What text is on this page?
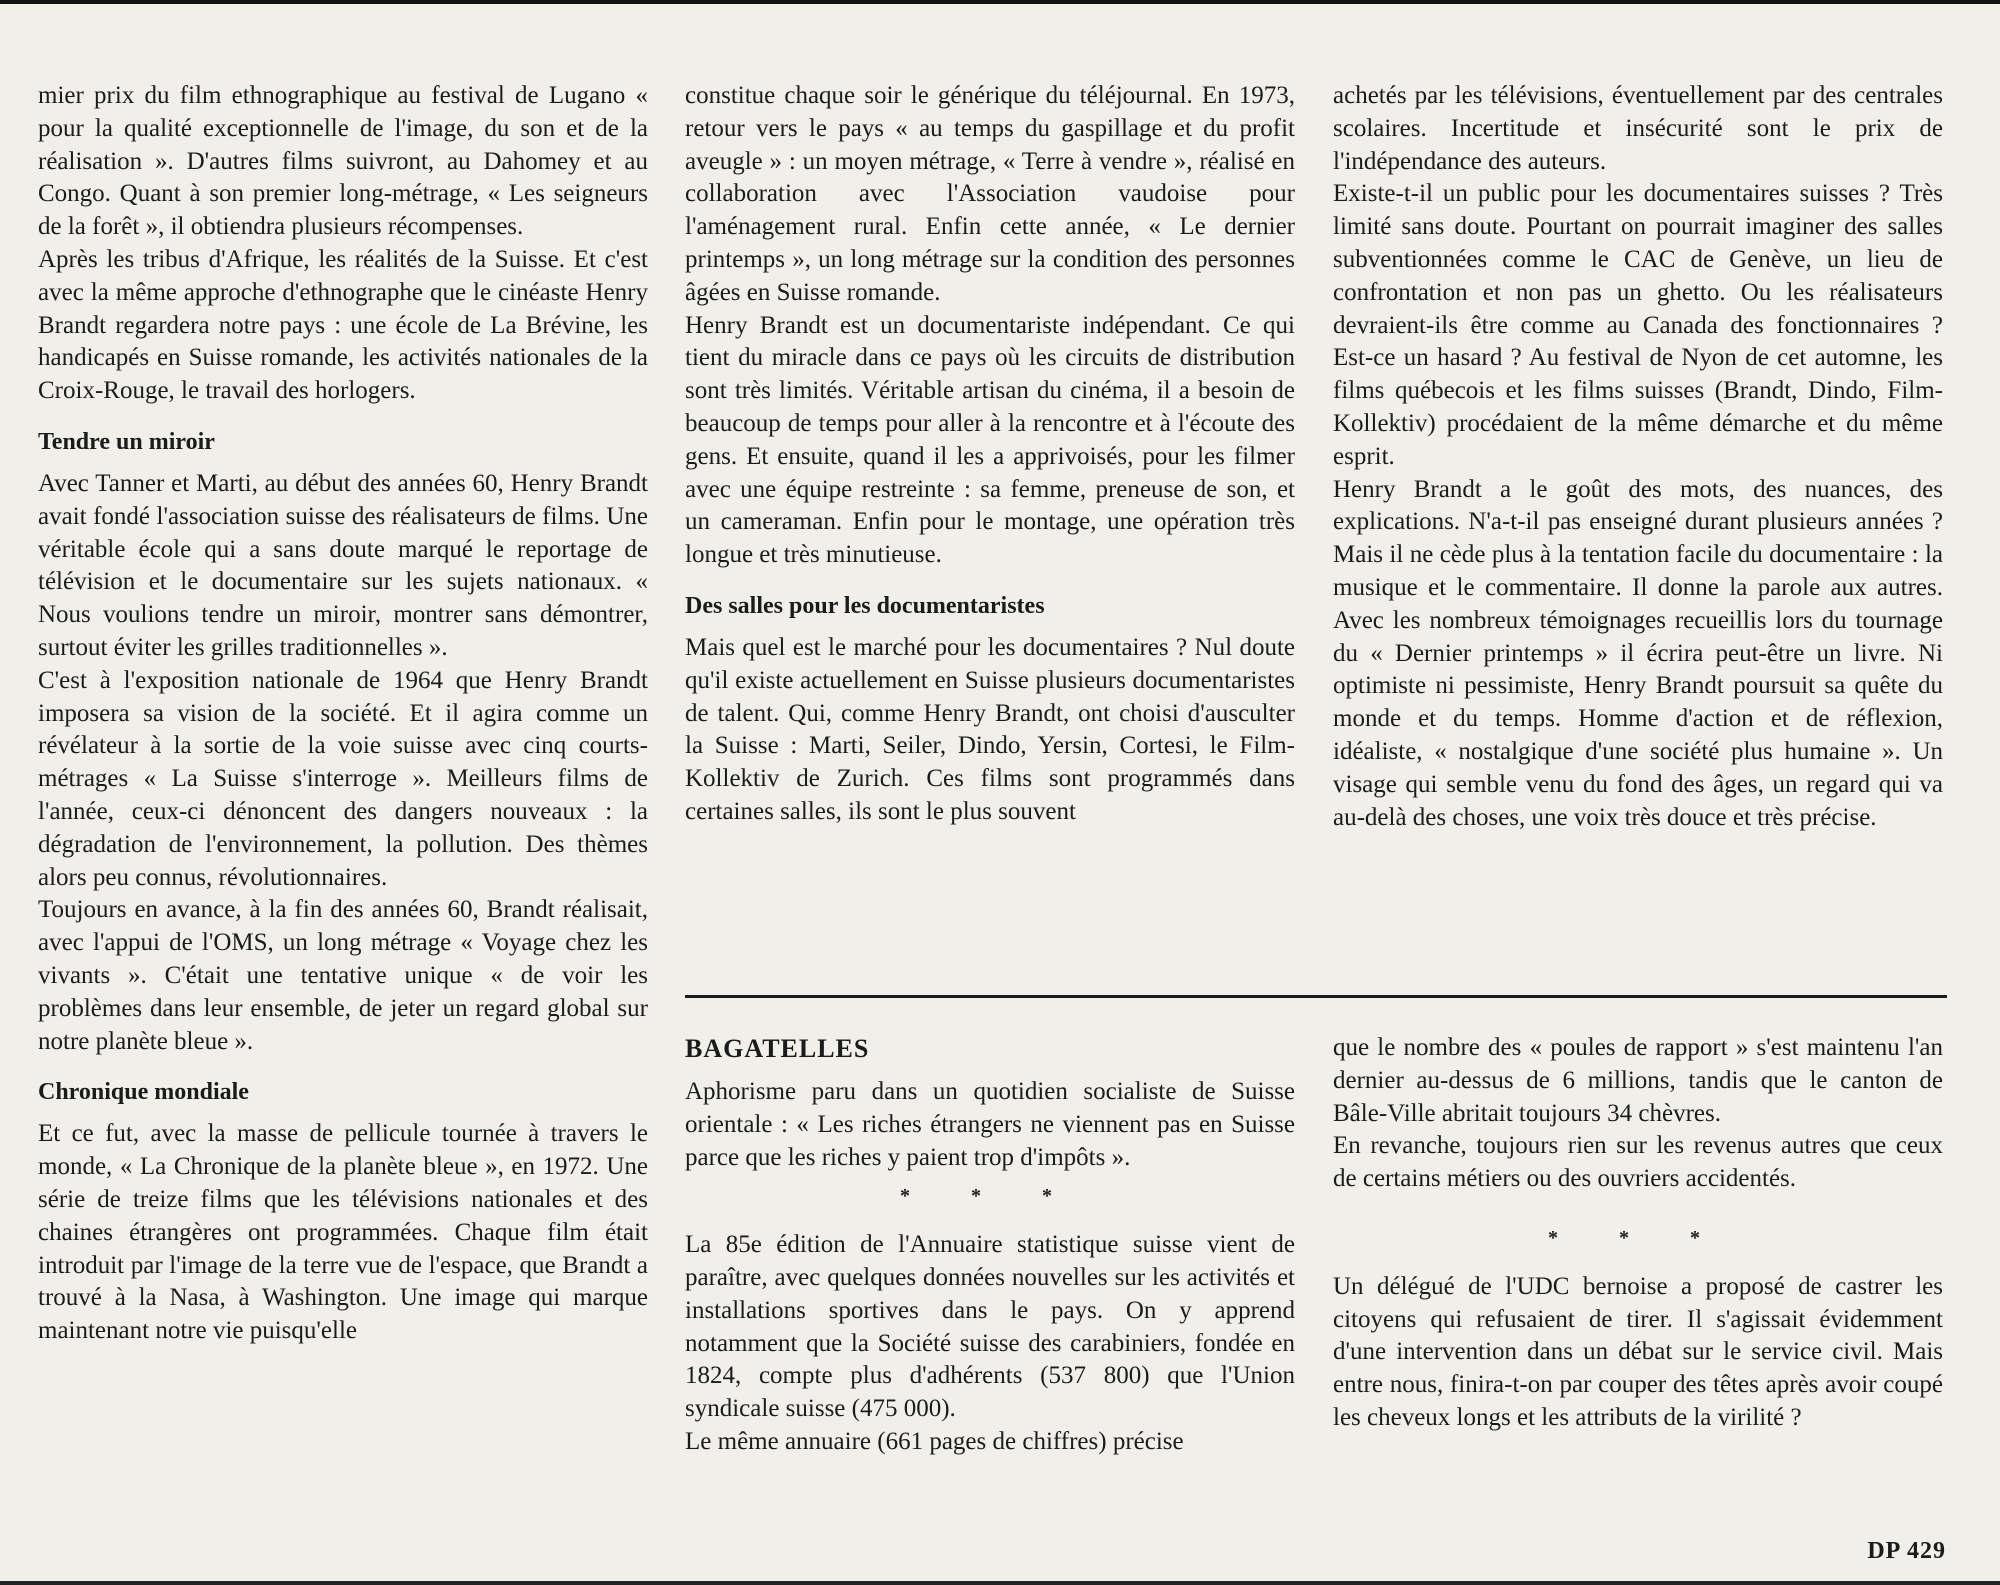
mier prix du film ethnographique au festival de Lugano « pour la qualité exceptionnelle de l'image, du son et de la réalisation ». D'autres films suivront, au Dahomey et au Congo. Quant à son premier long-métrage, « Les seigneurs de la forêt », il obtiendra plusieurs récompenses.

Après les tribus d'Afrique, les réalités de la Suisse. Et c'est avec la même approche d'ethnographe que le cinéaste Henry Brandt regardera notre pays : une école de La Brévine, les handicapés en Suisse romande, les activités nationales de la Croix-Rouge, le travail des horlogers.

Tendre un miroir

Avec Tanner et Marti, au début des années 60, Henry Brandt avait fondé l'association suisse des réalisateurs de films. Une véritable école qui a sans doute marqué le reportage de télévision et le documentaire sur les sujets nationaux. « Nous voulions tendre un miroir, montrer sans démontrer, surtout éviter les grilles traditionnelles ».

C'est à l'exposition nationale de 1964 que Henry Brandt imposera sa vision de la société. Et il agira comme un révélateur à la sortie de la voie suisse avec cinq courts-métrages « La Suisse s'interroge ». Meilleurs films de l'année, ceux-ci dénoncent des dangers nouveaux : la dégradation de l'environnement, la pollution. Des thèmes alors peu connus, révolutionnaires.

Toujours en avance, à la fin des années 60, Brandt réalisait, avec l'appui de l'OMS, un long métrage « Voyage chez les vivants ». C'était une tentative unique « de voir les problèmes dans leur ensemble, de jeter un regard global sur notre planète bleue ».

Chronique mondiale

Et ce fut, avec la masse de pellicule tournée à travers le monde, « La Chronique de la planète bleue », en 1972. Une série de treize films que les télévisions nationales et des chaines étrangères ont programmées. Chaque film était introduit par l'image de la terre vue de l'espace, que Brandt a trouvé à la Nasa, à Washington. Une image qui marque maintenant notre vie puisqu'elle

constitue chaque soir le générique du téléjournal. En 1973, retour vers le pays « au temps du gaspillage et du profit aveugle » : un moyen métrage, « Terre à vendre », réalisé en collaboration avec l'Association vaudoise pour l'aménagement rural. Enfin cette année, « Le dernier printemps », un long métrage sur la condition des personnes âgées en Suisse romande.

Henry Brandt est un documentariste indépendant. Ce qui tient du miracle dans ce pays où les circuits de distribution sont très limités. Véritable artisan du cinéma, il a besoin de beaucoup de temps pour aller à la rencontre et à l'écoute des gens. Et ensuite, quand il les a apprivoisés, pour les filmer avec une équipe restreinte : sa femme, preneuse de son, et un cameraman. Enfin pour le montage, une opération très longue et très minutieuse.

Des salles pour les documentaristes

Mais quel est le marché pour les documentaires ? Nul doute qu'il existe actuellement en Suisse plusieurs documentaristes de talent. Qui, comme Henry Brandt, ont choisi d'ausculter la Suisse : Marti, Seiler, Dindo, Yersin, Cortesi, le Film-Kollektiv de Zurich. Ces films sont programmés dans certaines salles, ils sont le plus souvent

achetés par les télévisions, éventuellement par des centrales scolaires. Incertitude et insécurité sont le prix de l'indépendance des auteurs.

Existe-t-il un public pour les documentaires suisses ? Très limité sans doute. Pourtant on pourrait imaginer des salles subventionnées comme le CAC de Genève, un lieu de confrontation et non pas un ghetto. Ou les réalisateurs devraient-ils être comme au Canada des fonctionnaires ? Est-ce un hasard ? Au festival de Nyon de cet automne, les films québecois et les films suisses (Brandt, Dindo, Film-Kollektiv) procédaient de la même démarche et du même esprit.

Henry Brandt a le goût des mots, des nuances, des explications. N'a-t-il pas enseigné durant plusieurs années ? Mais il ne cède plus à la tentation facile du documentaire : la musique et le commentaire. Il donne la parole aux autres. Avec les nombreux témoignages recueillis lors du tournage du « Dernier printemps » il écrira peut-être un livre. Ni optimiste ni pessimiste, Henry Brandt poursuit sa quête du monde et du temps. Homme d'action et de réflexion, idéaliste, « nostalgique d'une société plus humaine ». Un visage qui semble venu du fond des âges, un regard qui va au-delà des choses, une voix très douce et très précise.

BAGATELLES

Aphorisme paru dans un quotidien socialiste de Suisse orientale : « Les riches étrangers ne viennent pas en Suisse parce que les riches y paient trop d'impôts ».

* * *

La 85e édition de l'Annuaire statistique suisse vient de paraître, avec quelques données nouvelles sur les activités et installations sportives dans le pays. On y apprend notamment que la Société suisse des carabiniers, fondée en 1824, compte plus d'adhérents (537 800) que l'Union syndicale suisse (475 000).

Le même annuaire (661 pages de chiffres) précise

que le nombre des « poules de rapport » s'est maintenu l'an dernier au-dessus de 6 millions, tandis que le canton de Bâle-Ville abritait toujours 34 chèvres.

En revanche, toujours rien sur les revenus autres que ceux de certains métiers ou des ouvriers accidentés.

* * *

Un délégué de l'UDC bernoise a proposé de castrer les citoyens qui refusaient de tirer. Il s'agissait évidemment d'une intervention dans un débat sur le service civil. Mais entre nous, finira-t-on par couper des têtes après avoir coupé les cheveux longs et les attributs de la virilité ?

DP 429
